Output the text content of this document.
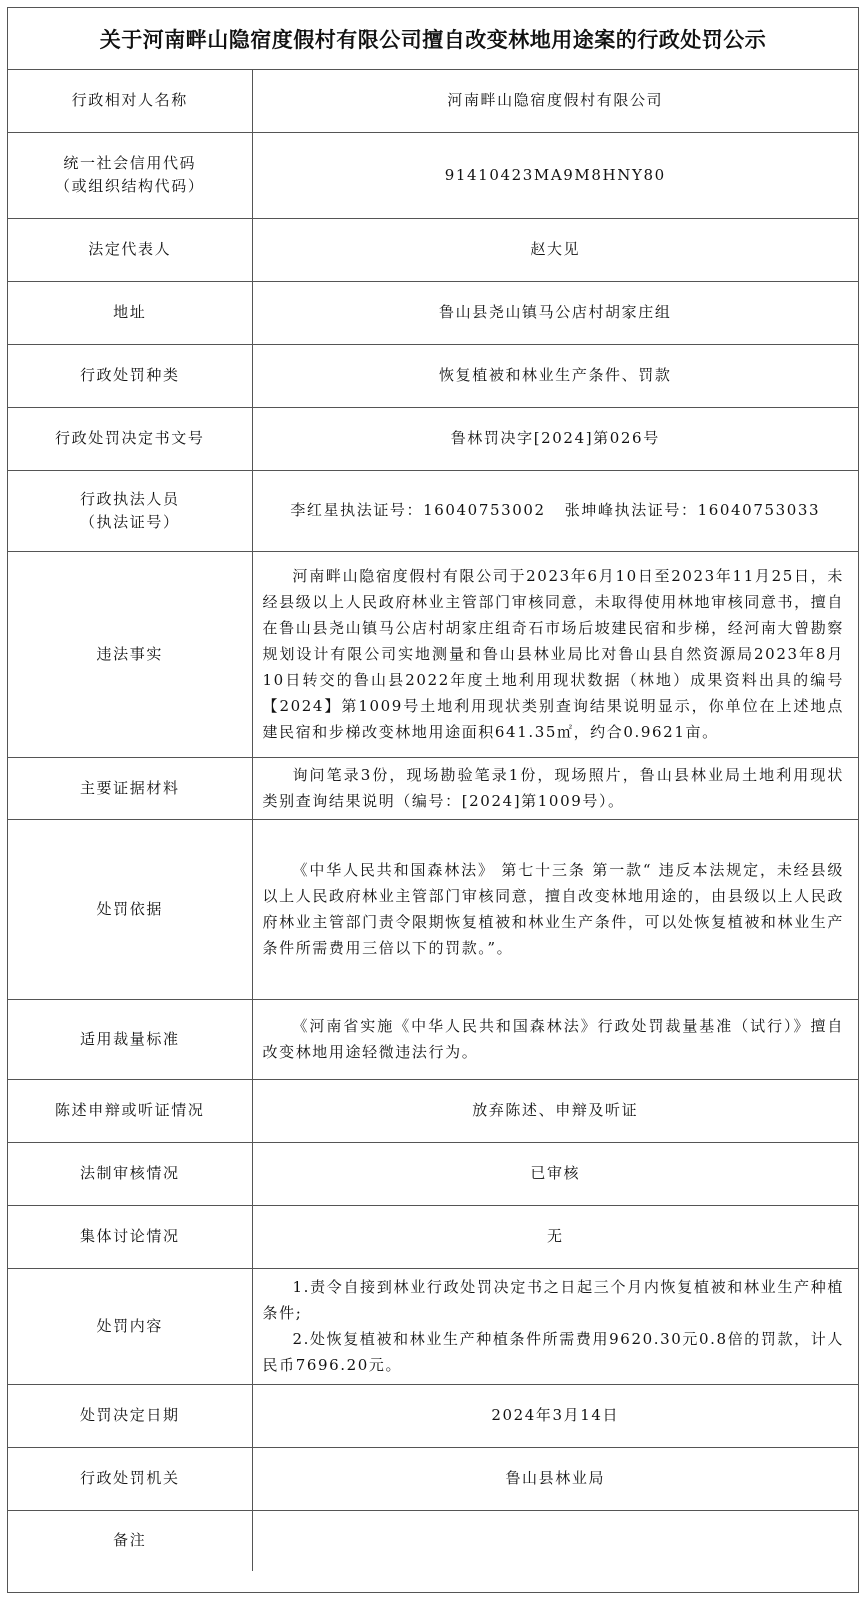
关于河南畔山隐宿度假村有限公司擅自改变林地用途案的行政处罚公示
行政相对人名称	河南畔山隐宿度假村有限公司

统一社会信用代码
（或组织结构代码）	91410423MA9M8HNY80
法定代表人	赵大见
地址	鲁山县尧山镇马公店村胡家庄组
行政处罚种类	恢复植被和林业生产条件、罚款
行政处罚决定书文号	鲁林罚决字[2024]第026号

行政执法人员
（执法证号）	李红星执法证号：16040753002   张坤峰执法证号：16040753033
违法事实	河南畔山隐宿度假村有限公司于2023年6月10日至2023年11月25日，未经县级以上人民政府林业主管部门审核同意，未取得使用林地审核同意书，擅自在鲁山县尧山镇马公店村胡家庄组奇石市场后坡建民宿和步梯，经河南大曾勘察规划设计有限公司实地测量和鲁山县林业局比对鲁山县自然资源局2023年8月10日转交的鲁山县2022年度土地利用现状数据（林地）成果资料出具的编号【2024】第1009号土地利用现状类别查询结果说明显示，你单位在上述地点建民宿和步梯改变林地用途面积641.35㎡，约合0.9621亩。

主要证据材料	询问笔录3份，现场勘验笔录1份，现场照片，鲁山县林业局土地利用现状类别查询结果说明（编号：[2024]第1009号）。

处罚依据	《中华人民共和国森林法》 第七十三条 第一款“ 违反本法规定，未经县级以上人民政府林业主管部门审核同意，擅自改变林地用途的，由县级以上人民政府林业主管部门责令限期恢复植被和林业生产条件，可以处恢复植被和林业生产条件所需费用三倍以下的罚款。”。

适用裁量标准	《河南省实施《中华人民共和国森林法》行政处罚裁量基准（试行）》擅自改变林地用途轻微违法行为。

陈述申辩或听证情况	放弃陈述、申辩及听证
法制审核情况	已审核
集体讨论情况	无
处罚内容	1.责令自接到林业行政处罚决定书之日起三个月内恢复植被和林业生产种植条件;

2.处恢复植被和林业生产种植条件所需费用9620.30元0.8倍的罚款，计人民币7696.20元。

处罚决定日期	2024年3月14日
行政处罚机关	鲁山县林业局
备注	
